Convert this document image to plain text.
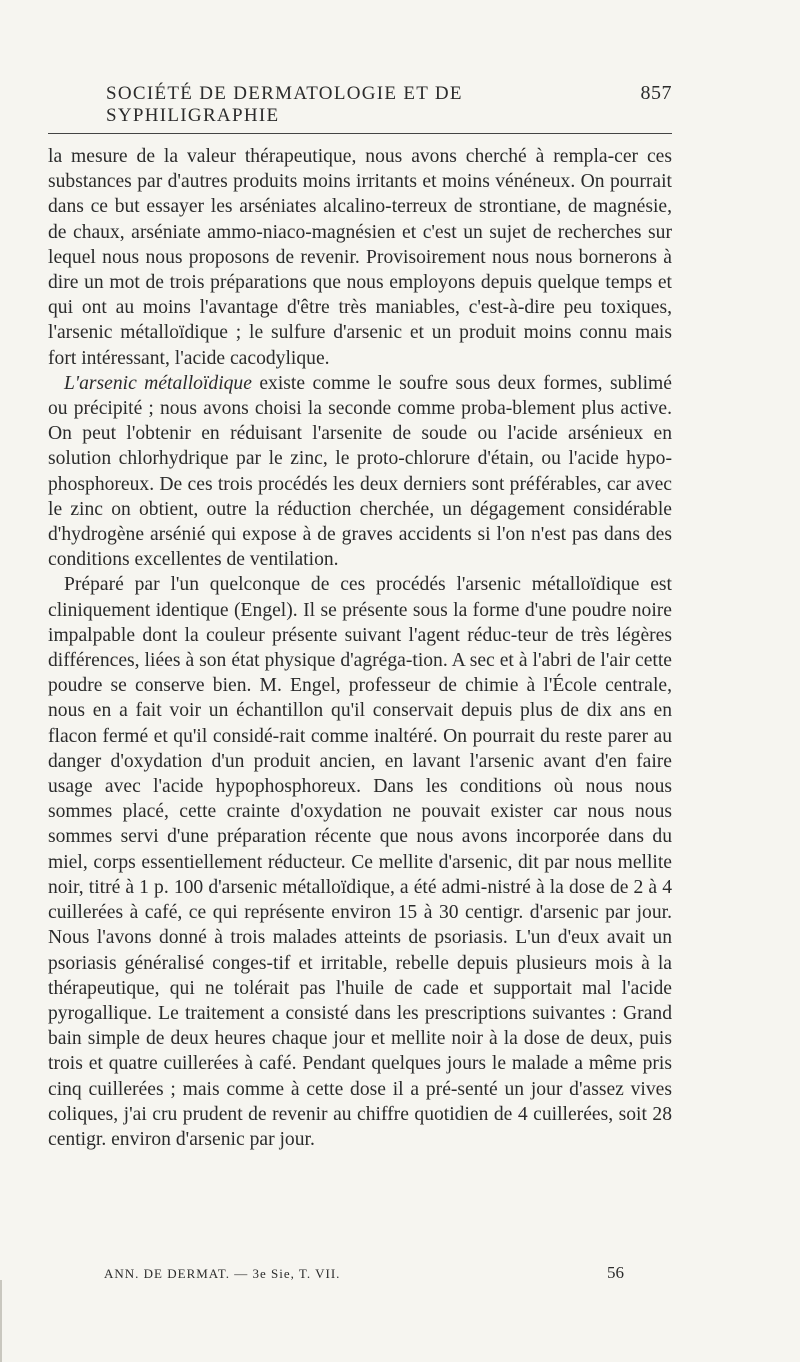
SOCIÉTÉ DE DERMATOLOGIE ET DE SYPHILIGRAPHIE
857

la mesure de la valeur thérapeutique, nous avons cherché à rempla-cer ces substances par d'autres produits moins irritants et moins vénéneux. On pourrait dans ce but essayer les arséniates alcalino-terreux de strontiane, de magnésie, de chaux, arséniate ammo-niaco-magnésien et c'est un sujet de recherches sur lequel nous nous proposons de revenir. Provisoirement nous nous bornerons à dire un mot de trois préparations que nous employons depuis quelque temps et qui ont au moins l'avantage d'être très maniables, c'est-à-dire peu toxiques, l'arsenic métalloïdique ; le sulfure d'arsenic et un produit moins connu mais fort intéressant, l'acide cacodylique.

L'arsenic métalloïdique existe comme le soufre sous deux formes, sublimé ou précipité ; nous avons choisi la seconde comme proba-blement plus active. On peut l'obtenir en réduisant l'arsenite de soude ou l'acide arsénieux en solution chlorhydrique par le zinc, le proto-chlorure d'étain, ou l'acide hypo-phosphoreux. De ces trois procédés les deux derniers sont préférables, car avec le zinc on obtient, outre la réduction cherchée, un dégagement considérable d'hydrogène arsénié qui expose à de graves accidents si l'on n'est pas dans des conditions excellentes de ventilation.

Préparé par l'un quelconque de ces procédés l'arsenic métalloïdique est cliniquement identique (Engel). Il se présente sous la forme d'une poudre noire impalpable dont la couleur présente suivant l'agent réduc-teur de très légères différences, liées à son état physique d'agréga-tion. A sec et à l'abri de l'air cette poudre se conserve bien. M. Engel, professeur de chimie à l'École centrale, nous en a fait voir un échantillon qu'il conservait depuis plus de dix ans en flacon fermé et qu'il considé-rait comme inaltéré. On pourrait du reste parer au danger d'oxydation d'un produit ancien, en lavant l'arsenic avant d'en faire usage avec l'acide hypophosphoreux. Dans les conditions où nous nous sommes placé, cette crainte d'oxydation ne pouvait exister car nous nous sommes servi d'une préparation récente que nous avons incorporée dans du miel, corps essentiellement réducteur. Ce mellite d'arsenic, dit par nous mellite noir, titré à 1 p. 100 d'arsenic métalloïdique, a été admi-nistré à la dose de 2 à 4 cuillerées à café, ce qui représente environ 15 à 30 centigr. d'arsenic par jour. Nous l'avons donné à trois malades atteints de psoriasis. L'un d'eux avait un psoriasis généralisé conges-tif et irritable, rebelle depuis plusieurs mois à la thérapeutique, qui ne tolérait pas l'huile de cade et supportait mal l'acide pyrogallique. Le traitement a consisté dans les prescriptions suivantes : Grand bain simple de deux heures chaque jour et mellite noir à la dose de deux, puis trois et quatre cuillerées à café. Pendant quelques jours le malade a même pris cinq cuillerées ; mais comme à cette dose il a pré-senté un jour d'assez vives coliques, j'ai cru prudent de revenir au chiffre quotidien de 4 cuillerées, soit 28 centigr. environ d'arsenic par jour.

ANN. DE DERMAT. — 3e Sie, T. VII.	56
